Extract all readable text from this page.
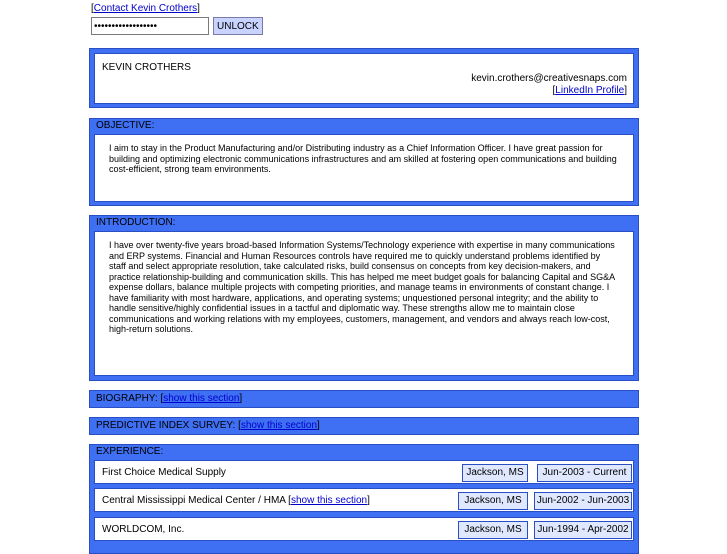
[Contact Kevin Crothers]
••••••••••••••••••
UNLOCK
KEVIN CROTHERS
kevin.crothers@creativesnaps.com
[LinkedIn Profile]
OBJECTIVE:
I aim to stay in the Product Manufacturing and/or Distributing industry as a Chief Information Officer. I have great passion for building and optimizing electronic communications infrastructures and am skilled at fostering open communications and building cost-efficient, strong team environments.
INTRODUCTION:
I have over twenty-five years broad-based Information Systems/Technology experience with expertise in many communications and ERP systems. Financial and Human Resources controls have required me to quickly understand problems identified by staff and select appropriate resolution, take calculated risks, build consensus on concepts from key decision-makers, and practice relationship-building and communication skills. This has helped me meet budget goals for balancing Capital and SG&A expense dollars, balance multiple projects with competing priorities, and manage teams in environments of constant change. I have familiarity with most hardware, applications, and operating systems; unquestioned personal integrity; and the ability to handle sensitive/highly confidential issues in a tactful and diplomatic way. These strengths allow me to maintain close communications and working relations with my employees, customers, management, and vendors and always reach low-cost, high-return solutions.
BIOGRAPHY: [show this section]
PREDICTIVE INDEX SURVEY: [show this section]
EXPERIENCE:
First Choice Medical Supply	Jackson, MS	Jun-2003 - Current
Central Mississippi Medical Center / HMA [show this section]	Jackson, MS	Jun-2002 - Jun-2003
WORLDCOM, Inc.	Jackson, MS	Jun-1994 - Apr-2002
